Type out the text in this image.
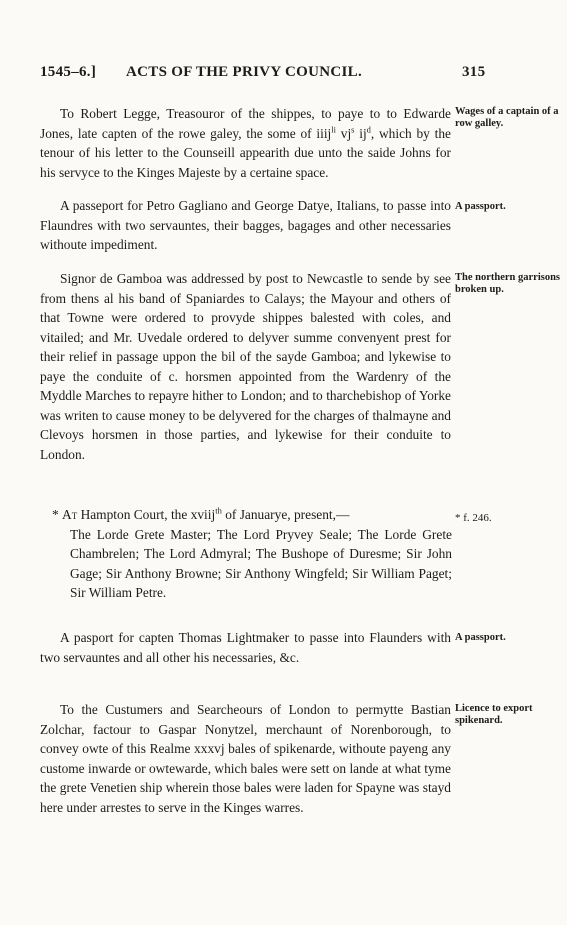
1545–6.] ACTS OF THE PRIVY COUNCIL.	315

To Robert Legge, Treasouror of the shippes, to paye to to Edwarde Jones, late capten of the rowe galey, the some of iiij$^{li}$ $vj^s$ $ij^d$, which by the tenour of his letter to the Counseill appearith due unto the saide Johns for his servyce to the Kinges Majeste by a certaine space.

Wages of a captain of a row galley.

A passeport for Petro Gagliano and George Datye, Italians, to passe into Flaundres with two servauntes, their bagges, bagages and other necessaries withoute impediment.

A passport.

Signor de Gamboa was addressed by post to Newcastle to sende by see from thens al his band of Spaniardes to Calays; the Mayour and others of that Towne were ordered to provyde shippes balested with coles, and vitailed; and Mr. Uvedale ordered to delyver summe convenyent prest for their relief in passage uppon the bil of the sayde Gamboa; and lykewise to paye the conduite of c. horsmen appointed from the Wardenry of the Myddle Marches to repayre hither to London; and to tharchebishop of Yorke was writen to cause money to be delyvered for the charges of thalmayne and Clevoys horsmen in those parties, and lykewise for their conduite to London.

The northern garrisons broken up.
* At Hampton Court, the xviij$^{th}$ of Januarye, present,—
The Lorde Grete Master; The Lord Pryvey Seale; The Lorde Grete Chambrelen; The Lord Admyral; The Bushope of Duresme; Sir John Gage; Sir Anthony Browne; Sir Anthony Wingfeld; Sir William Paget; Sir William Petre.
* f. 246.

A pasport for capten Thomas Lightmaker to passe into Flaunders with two servauntes and all other his necessaries, &c.

A passport.

To the Custumers and Searcheours of London to permytte Bastian Zolchar, factour to Gaspar Nonytzel, merchaunt of Norenborough, to convey owte of this Realme xxxvj bales of spikenarde, withoute payeng any custome inwarde or owtewarde, which bales were sett on lande at what tyme the grete Venetien ship wherein those bales were laden for Spayne was stayd here under arrestes to serve in the Kinges warres.

Licence to export spikenard.
